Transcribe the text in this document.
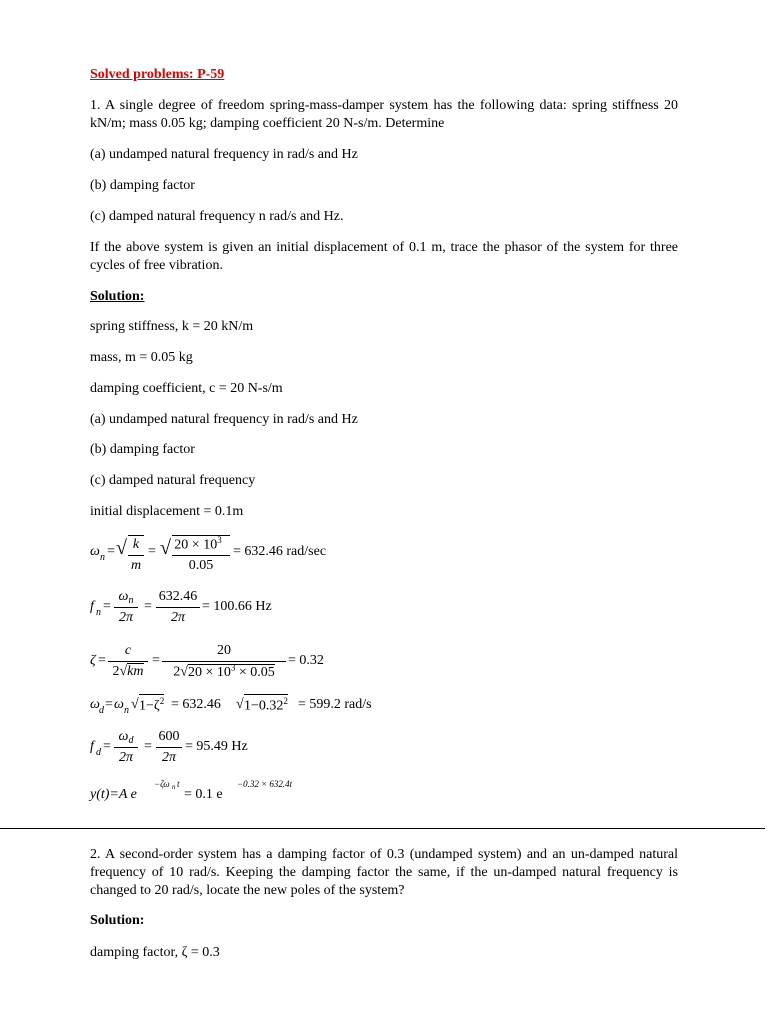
Solved problems: P-59

1. A single degree of freedom spring-mass-damper system has the following data: spring stiffness 20 kN/m; mass 0.05 kg; damping coefficient 20 N-s/m. Determine

(a) undamped natural frequency in rad/s and Hz

(b) damping factor

(c) damped natural frequency n rad/s and Hz.

If the above system is given an initial displacement of 0.1 m, trace the phasor of the system for three cycles of free vibration.

Solution:

spring stiffness, k = 20 kN/m

mass, m = 0.05 kg

damping coefficient, c = 20 N-s/m

(a) undamped natural frequency in rad/s and Hz

(b) damping factor

(c) damped natural frequency

initial displacement = 0.1m

ω n = √ k
m
= √ $20 \times 10^3$
0.05
= 632.46 rad/sec
f n =
$\omega_n$
2π
=
632.46
2π
= 100.66 Hz
ζ =
c
2√km
=
20
$2√20 \times 10^3 \times 0.05$
= 0.32
ω d = ω n √ $1-\zeta^2 = 632.46$ √ $1-0.32^2 = 599.2$ rad/s
f d =
$\omega_d$
2π
=
600
2π
= 95.49 Hz
y(t)=A e
−ζω n t
= 0.1 e
−0.32 × 632.4t

2. A second-order system has a damping factor of 0.3 (undamped system) and an un-damped natural frequency of 10 rad/s. Keeping the damping factor the same, if the un-damped natural frequency is changed to 20 rad/s, locate the new poles of the system?

Solution:

damping factor, ζ = 0.3
